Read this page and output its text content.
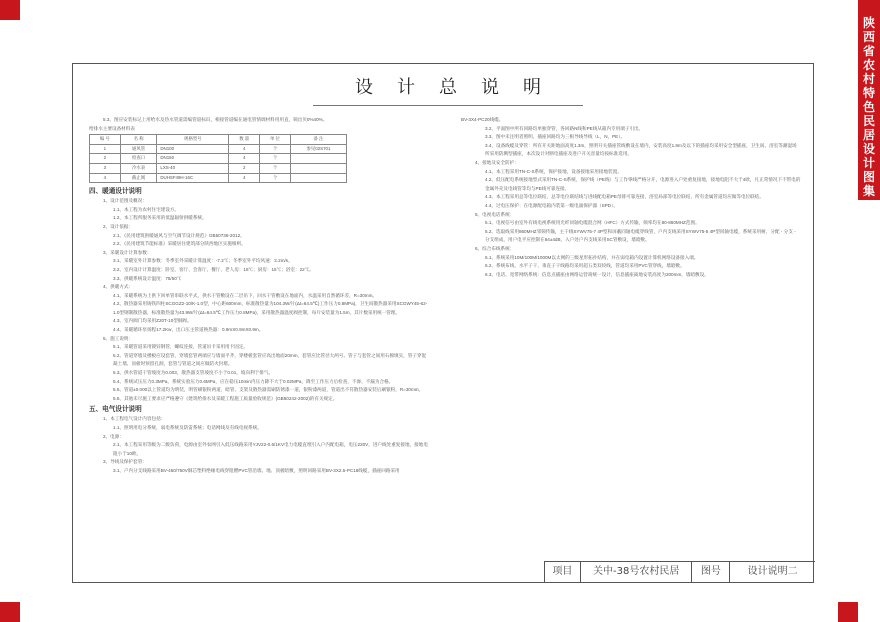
陕
西
省
农
村
特
色
民
居
设
计
图
集
设计总说明
5.3、图应安装标记上用给水及热水管道需编管道标识，相接管道编在通电管情调材料用用直，频出贝0%40%。
给排水主要设备材料表
编 号	名 称	规格型号	数 量	单 位	备 注
1	通风管	DN100	4	个	参见02S701
2	检查口	DN150	4	个	
3	冷水表	LXS-40	2	个	
4	截止阀	DUHSF49H-16C	4	个	
四、暖通设计说明
1、设计范围及概况：
1.1、本工程为农村住宅建设方。
1.2、本工程所服务采用的低温辐射供暖系统。
2、设计依据：
2.1、《民用建筑供暖通风与空气调节设计规范》GB50736-2012。
2.2、《民用建筑节能标准》采暖居住建筑部分陕西地区实施细则。
3、采暖设计计算参数：
3.1、采暖室外计算参数：冬季室外采暖计算温度：-7.2℃；冬季室外平均风速：2.2m/s。
3.2、室内设计计算温度：卧室、客厅、会客厅、餐厅、老人房：18℃；厨房：15℃；浴室：22℃。
3.3、供暖系统设计温度：75/50℃
4、供暖方式：
4.1、采暖系统为上供下回单管串联水平式，供水干管敷设在二层吊下，回水干管敷设在地面内，水温采用自然循环差，R=30mm。
4.2、散热器采用铸铁四柱SCGGZ2-10/K-1.0型，中心距600mm，标准散热量为104.3W/片(Δt=64.5℃)工作压力0.8MPa)，卫生间散热器采用SCGWY45-62-1.0型钢制散热器，标准散热量为43.9W/片(Δt=64.5℃工作压力0.8MPa)，采用散热器温度阀控制，每片安装量为1.5m，其片数采用统一管理。
4.3、室内阀门均采用Z20T-10型铜阀。
4.4、采暖循环泵扬程17.2Kw，出口压主管道换热器：0.9mX0.9mX0.9m。
5、施工说明：
5.1、采暖管道采用镀锌钢管，螺纹连接，管道吊卡采用用卡固定。
5.2、管道穿墙及楼板应设套管，穿墙套管两端应与墙面平齐，穿楼板套管应高出地面20mm，套管应比管径大两号。管子与套管之间用石棉填实，管子穿混凝土墙、顶板时预留孔洞，套管与管道之间应做防火封堵。
5.3、供水管道干管坡度为0.003，散热器支管坡度不小于0.01，坡向利于排气。
5.4、系统试压压力0.3MPa，系统实验压力0.6MPa，应在稳压10min内压力降不大于0.02MPa，降至工作压力后检查，不渗、不漏为合格。
5.5、管道±0.000以上管道均为明装，明管刷银粉两道，暗管、支架及散热器需刷防锈漆一道，银粉漆两道，管道出不符散热器安装后刷银粉，R=30mm。
5.6、其他未尽施工要求应严格遵守《建筑给排水及采暖工程施工质量验收规范》(GB50242-2002)的有关规定。
五、电气设计说明
1、本工程电气设计内容包括：
1.1、照明用电分系统，弱电系统及防雷系统；电话网线及有线电视系统。
2、电源：
2.1、本工程采用等级为二级负荷，电源由室外农网引入低压线路采用YJV22-0.6/1KV电力电缆直埋引入户内配电箱，电压220V，进户线处重复接地，接地电阻小于10欧。
3、导线及保护套管：
3.1、户内分支线路采用BV-450/750V铜芯塑料绝缘电线穿阻燃PVC管沿墙、地、顶板暗敷，照明回路采用BV-3X2.5-PC16线缆，插座回路采用
BV-3X4-PC20线缆。
3.2、平面图中所有回路均单独穿管，各回路N线和PE线从箱内专用端子引出。
3.3、图中未注明者照明、插座回路均为三根导线导线（L，N，PE）。
3.4、设备线缆及穿管：所有开关距地面高度1.3m，照明开关插座管线敷设在墙内，安装高度1.8m及以下的插座均采用安全型插座，卫生间、浴室等潮湿场所采用防溅型插座，本次设计对断电插座及进户开关容量均按标准选用。
4、接地及安全防护：
4.1、本工程采用TN-C-S系统，保护接地，设备接地采用接地装置。
4.2、低压配电系统接地型式采用TN-C-S系统，保护线（PE线）与工作零线严格分开，电源进入户处重复接地，接地电阻不大于4欧，凡正常情况下不带电的金属外壳及电线管等均与PE线可靠连接。
4.3、本工程采用总等电位联结，总等电位联结线与进线配电箱PE母排可靠连接，浴室局部等电位联结，所有金属管道均应做等电位联结。
4.4、过电压保护：在电源配电箱内装第一级电涌保护器（SPD）。
5、电视电话系统：
5.1、电视信号由室外有线电视系统用光纤同轴电缆混合网（HFC）方式传输，频率均在80-860MHZ范围。
5.2、选取线采用860MHZ邻频传输，主干线SYWV75-7 4P型和屏蔽同轴电缆穿线管，户内支线采用SYWV75-5 4P型同轴电缆，系统采用树、分配 - 分支 - 分支组成，用户电平应控制在64±4dB，入户处户内支线采用SC管敷设，墙暗敷。
6、综合布线系统：
6.1、系统采用10M/100M/1000M以太网的三级星形拓扑结构，并在弱电箱内设置计算机网络设备接入端。
6.2、系统布线，水平子干、垂直子干线路均采用超五类双绞线，管道均采用PVC管穿线，墙暗敷。
6.3、电话、宽带网络系统：信息点插座由网络运营商统一设计，信息插座离地安装高度为200mm，墙暗敷设。
项目	关中-38号农村民居	图号	设计说明二
